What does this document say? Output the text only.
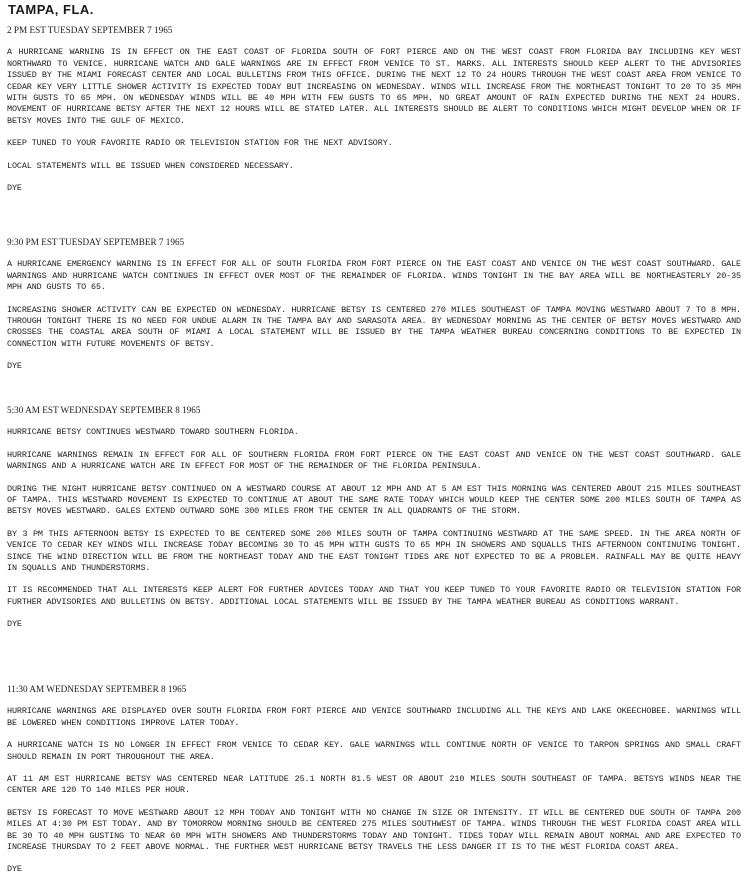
TAMPA, FLA.
2 PM EST TUESDAY SEPTEMBER 7 1965

A HURRICANE WARNING IS IN EFFECT ON THE EAST COAST OF FLORIDA SOUTH OF FORT PIERCE AND ON THE WEST COAST FROM FLORIDA BAY INCLUDING KEY WEST NORTHWARD TO VENICE. HURRICANE WATCH AND GALE WARNINGS ARE IN EFFECT FROM VENICE TO ST. MARKS. ALL INTERESTS SHOULD KEEP ALERT TO THE ADVISORIES ISSUED BY THE MIAMI FORECAST CENTER AND LOCAL BULLETINS FROM THIS OFFICE. DURING THE NEXT 12 TO 24 HOURS THROUGH THE WEST COAST AREA FROM VENICE TO CEDAR KEY VERY LITTLE SHOWER ACTIVITY IS EXPECTED TODAY BUT INCREASING ON WEDNESDAY. WINDS WILL INCREASE FROM THE NORTHEAST TONIGHT TO 20 TO 35 MPH WITH GUSTS TO 65 MPH. ON WEDNESDAY WINDS WILL BE 40 MPH WITH FEW GUSTS TO 65 MPH. NO GREAT AMOUNT OF RAIN EXPECTED DURING THE NEXT 24 HOURS. MOVEMENT OF HURRICANE BETSY AFTER THE NEXT 12 HOURS WILL BE STATED LATER. ALL INTERESTS SHOULD BE ALERT TO CONDITIONS WHICH MIGHT DEVELOP WHEN OR IF BETSY MOVES INTO THE GULF OF MEXICO.

KEEP TUNED TO YOUR FAVORITE RADIO OR TELEVISION STATION FOR THE NEXT ADVISORY.

LOCAL STATEMENTS WILL BE ISSUED WHEN CONSIDERED NECESSARY.

DYE
9:30 PM EST TUESDAY SEPTEMBER 7 1965

A HURRICANE EMERGENCY WARNING IS IN EFFECT FOR ALL OF SOUTH FLORIDA FROM FORT PIERCE ON THE EAST COAST AND VENICE ON THE WEST COAST SOUTHWARD. GALE WARNINGS AND HURRICANE WATCH CONTINUES IN EFFECT OVER MOST OF THE REMAINDER OF FLORIDA. WINDS TONIGHT IN THE BAY AREA WILL BE NORTHEASTERLY 20-35 MPH AND GUSTS TO 65.

INCREASING SHOWER ACTIVITY CAN BE EXPECTED ON WEDNESDAY. HURRICANE BETSY IS CENTERED 270 MILES SOUTHEAST OF TAMPA MOVING WESTWARD ABOUT 7 TO 8 MPH. THROUGH TONIGHT THERE IS NO NEED FOR UNDUE ALARM IN THE TAMPA BAY AND SARASOTA AREA. BY WEDNESDAY MORNING AS THE CENTER OF BETSY MOVES WESTWARD AND CROSSES THE COASTAL AREA SOUTH OF MIAMI A LOCAL STATEMENT WILL BE ISSUED BY THE TAMPA WEATHER BUREAU CONCERNING CONDITIONS TO BE EXPECTED IN CONNECTION WITH FUTURE MOVEMENTS OF BETSY.

DYE
5:30 AM EST WEDNESDAY SEPTEMBER 8 1965

HURRICANE BETSY CONTINUES WESTWARD TOWARD SOUTHERN FLORIDA.

HURRICANE WARNINGS REMAIN IN EFFECT FOR ALL OF SOUTHERN FLORIDA FROM FORT PIERCE ON THE EAST COAST AND VENICE ON THE WEST COAST SOUTHWARD. GALE WARNINGS AND A HURRICANE WATCH ARE IN EFFECT FOR MOST OF THE REMAINDER OF THE FLORIDA PENINSULA.

DURING THE NIGHT HURRICANE BETSY CONTINUED ON A WESTWARD COURSE AT ABOUT 12 MPH AND AT 5 AM EST THIS MORNING WAS CENTERED ABOUT 215 MILES SOUTHEAST OF TAMPA. THIS WESTWARD MOVEMENT IS EXPECTED TO CONTINUE AT ABOUT THE SAME RATE TODAY WHICH WOULD KEEP THE CENTER SOME 200 MILES SOUTH OF TAMPA AS BETSY MOVES WESTWARD. GALES EXTEND OUTWARD SOME 300 MILES FROM THE CENTER IN ALL QUADRANTS OF THE STORM.

BY 3 PM THIS AFTERNOON BETSY IS EXPECTED TO BE CENTERED SOME 200 MILES SOUTH OF TAMPA CONTINUING WESTWARD AT THE SAME SPEED. IN THE AREA NORTH OF VENICE TO CEDAR KEY WINDS WILL INCREASE TODAY BECOMING 30 TO 45 MPH WITH GUSTS TO 65 MPH IN SHOWERS AND SQUALLS THIS AFTERNOON CONTINUING TONIGHT. SINCE THE WIND DIRECTION WILL BE FROM THE NORTHEAST TODAY AND THE EAST TONIGHT TIDES ARE NOT EXPECTED TO BE A PROBLEM. RAINFALL MAY BE QUITE HEAVY IN SQUALLS AND THUNDERSTORMS.

IT IS RECOMMENDED THAT ALL INTERESTS KEEP ALERT FOR FURTHER ADVICES TODAY AND THAT YOU KEEP TUNED TO YOUR FAVORITE RADIO OR TELEVISION STATION FOR FURTHER ADVISORIES AND BULLETINS ON BETSY. ADDITIONAL LOCAL STATEMENTS WILL BE ISSUED BY THE TAMPA WEATHER BUREAU AS CONDITIONS WARRANT.

DYE
11:30 AM WEDNESDAY SEPTEMBER 8 1965

HURRICANE WARNINGS ARE DISPLAYED OVER SOUTH FLORIDA FROM FORT PIERCE AND VENICE SOUTHWARD INCLUDING ALL THE KEYS AND LAKE OKEECHOBEE. WARNINGS WILL BE LOWERED WHEN CONDITIONS IMPROVE LATER TODAY.

A HURRICANE WATCH IS NO LONGER IN EFFECT FROM VENICE TO CEDAR KEY. GALE WARNINGS WILL CONTINUE NORTH OF VENICE TO TARPON SPRINGS AND SMALL CRAFT SHOULD REMAIN IN PORT THROUGHOUT THE AREA.

AT 11 AM EST HURRICANE BETSY WAS CENTERED NEAR LATITUDE 25.1 NORTH 81.5 WEST OR ABOUT 210 MILES SOUTH SOUTHEAST OF TAMPA. BETSYS WINDS NEAR THE CENTER ARE 120 TO 140 MILES PER HOUR.

BETSY IS FORECAST TO MOVE WESTWARD ABOUT 12 MPH TODAY AND TONIGHT WITH NO CHANGE IN SIZE OR INTENSITY. IT WILL BE CENTERED DUE SOUTH OF TAMPA 200 MILES AT 4:30 PM EST TODAY. AND BY TOMORROW MORNING SHOULD BE CENTERED 275 MILES SOUTHWEST OF TAMPA. WINDS THROUGH THE WEST FLORIDA COAST AREA WILL BE 30 TO 40 MPH GUSTING TO NEAR 60 MPH WITH SHOWERS AND THUNDERSTORMS TODAY AND TONIGHT. TIDES TODAY WILL REMAIN ABOUT NORMAL AND ARE EXPECTED TO INCREASE THURSDAY TO 2 FEET ABOVE NORMAL. THE FURTHER WEST HURRICANE BETSY TRAVELS THE LESS DANGER IT IS TO THE WEST FLORIDA COAST AREA.

DYE
